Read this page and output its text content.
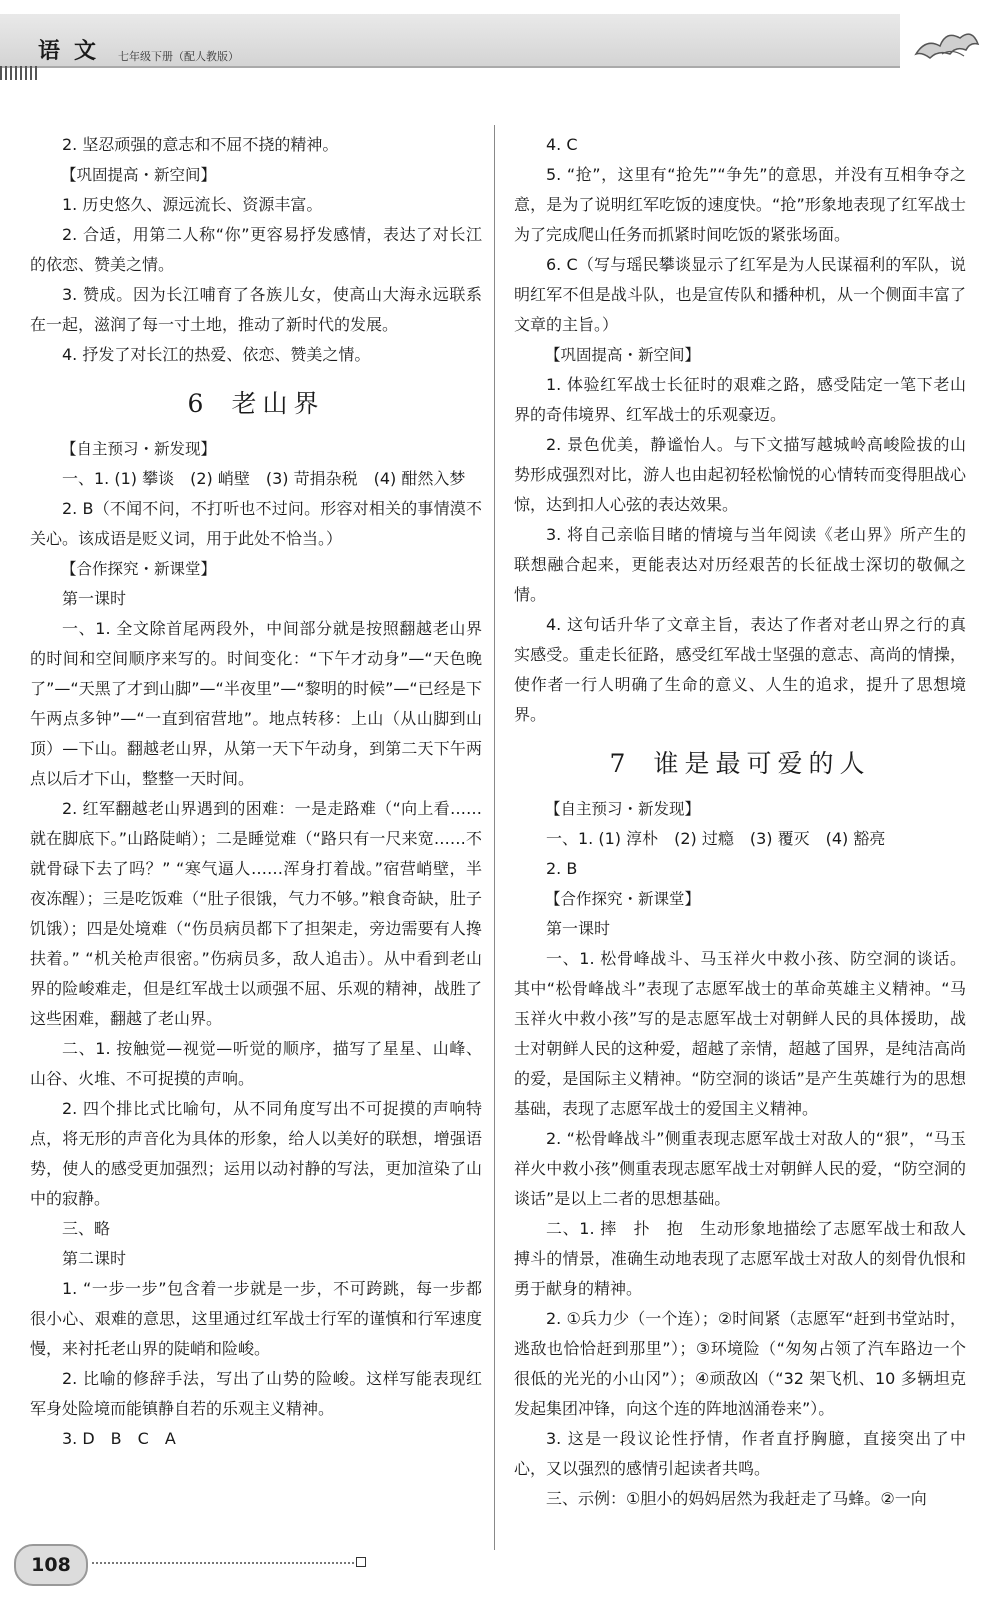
语文 七年级下册（配人教版）

2. 坚忍顽强的意志和不屈不挠的精神。

【巩固提高・新空间】

1. 历史悠久、源远流长、资源丰富。

2. 合适，用第二人称“你”更容易抒发感情，表达了对长江的依恋、赞美之情。

3. 赞成。因为长江哺育了各族儿女，使高山大海永远联系在一起，滋润了每一寸土地，推动了新时代的发展。

4. 抒发了对长江的热爱、依恋、赞美之情。

6 老山界

【自主预习・新发现】

一、1. (1) 攀谈　(2) 峭壁　(3) 苛捐杂税　(4) 酣然入梦

2. B（不闻不问，不打听也不过问。形容对相关的事情漠不关心。该成语是贬义词，用于此处不恰当。）

【合作探究・新课堂】

第一课时

一、1. 全文除首尾两段外，中间部分就是按照翻越老山界的时间和空间顺序来写的。时间变化：“下午才动身”—“天色晚了”—“天黑了才到山脚”—“半夜里”—“黎明的时候”—“已经是下午两点多钟”—“一直到宿营地”。地点转移：上山（从山脚到山顶）—下山。翻越老山界，从第一天下午动身，到第二天下午两点以后才下山，整整一天时间。

2. 红军翻越老山界遇到的困难：一是走路难（“向上看……就在脚底下。”山路陡峭）；二是睡觉难（“路只有一尺来宽……不就骨碌下去了吗？” “寒气逼人……浑身打着战。”宿营峭壁，半夜冻醒）；三是吃饭难（“肚子很饿，气力不够。”粮食奇缺，肚子饥饿）；四是处境难（“伤员病员都下了担架走，旁边需要有人搀扶着。” “机关枪声很密。”伤病员多，敌人追击）。从中看到老山界的险峻难走，但是红军战士以顽强不屈、乐观的精神，战胜了这些困难，翻越了老山界。

二、1. 按触觉—视觉—听觉的顺序，描写了星星、山峰、山谷、火堆、不可捉摸的声响。

2. 四个排比式比喻句，从不同角度写出不可捉摸的声响特点，将无形的声音化为具体的形象，给人以美好的联想，增强语势，使人的感受更加强烈；运用以动衬静的写法，更加渲染了山中的寂静。

三、略

第二课时

1. “一步一步”包含着一步就是一步，不可跨跳，每一步都很小心、艰难的意思，这里通过红军战士行军的谨慎和行军速度慢，来衬托老山界的陡峭和险峻。

2. 比喻的修辞手法，写出了山势的险峻。这样写能表现红军身处险境而能镇静自若的乐观主义精神。

3. D　B　C　A

4. C

5. “抢”，这里有“抢先”“争先”的意思，并没有互相争夺之意，是为了说明红军吃饭的速度快。“抢”形象地表现了红军战士为了完成爬山任务而抓紧时间吃饭的紧张场面。

6. C（写与瑶民攀谈显示了红军是为人民谋福利的军队，说明红军不但是战斗队，也是宣传队和播种机，从一个侧面丰富了文章的主旨。）

【巩固提高・新空间】

1. 体验红军战士长征时的艰难之路，感受陆定一笔下老山界的奇伟境界、红军战士的乐观豪迈。

2. 景色优美，静谧怡人。与下文描写越城岭高峻险拔的山势形成强烈对比，游人也由起初轻松愉悦的心情转而变得胆战心惊，达到扣人心弦的表达效果。

3. 将自己亲临目睹的情境与当年阅读《老山界》所产生的联想融合起来，更能表达对历经艰苦的长征战士深切的敬佩之情。

4. 这句话升华了文章主旨，表达了作者对老山界之行的真实感受。重走长征路，感受红军战士坚强的意志、高尚的情操，使作者一行人明确了生命的意义、人生的追求，提升了思想境界。

7 谁是最可爱的人

【自主预习・新发现】

一、1. (1) 淳朴　(2) 过瘾　(3) 覆灭　(4) 豁亮

2. B

【合作探究・新课堂】

第一课时

一、1. 松骨峰战斗、马玉祥火中救小孩、防空洞的谈话。其中“松骨峰战斗”表现了志愿军战士的革命英雄主义精神。“马玉祥火中救小孩”写的是志愿军战士对朝鲜人民的具体援助，战士对朝鲜人民的这种爱，超越了亲情，超越了国界，是纯洁高尚的爱，是国际主义精神。“防空洞的谈话”是产生英雄行为的思想基础，表现了志愿军战士的爱国主义精神。

2. “松骨峰战斗”侧重表现志愿军战士对敌人的“狠”，“马玉祥火中救小孩”侧重表现志愿军战士对朝鲜人民的爱，“防空洞的谈话”是以上二者的思想基础。

二、1. 摔　扑　抱　生动形象地描绘了志愿军战士和敌人搏斗的情景，准确生动地表现了志愿军战士对敌人的刻骨仇恨和勇于献身的精神。

2. ①兵力少（一个连）；②时间紧（志愿军“赶到书堂站时，逃敌也恰恰赶到那里”）；③环境险（“匆匆占领了汽车路边一个很低的光光的小山冈”）；④顽敌凶（“32 架飞机、10 多辆坦克发起集团冲锋，向这个连的阵地汹涌卷来”）。

3. 这是一段议论性抒情，作者直抒胸臆，直接突出了中心，又以强烈的感情引起读者共鸣。

三、示例：①胆小的妈妈居然为我赶走了马蜂。②一向

108
